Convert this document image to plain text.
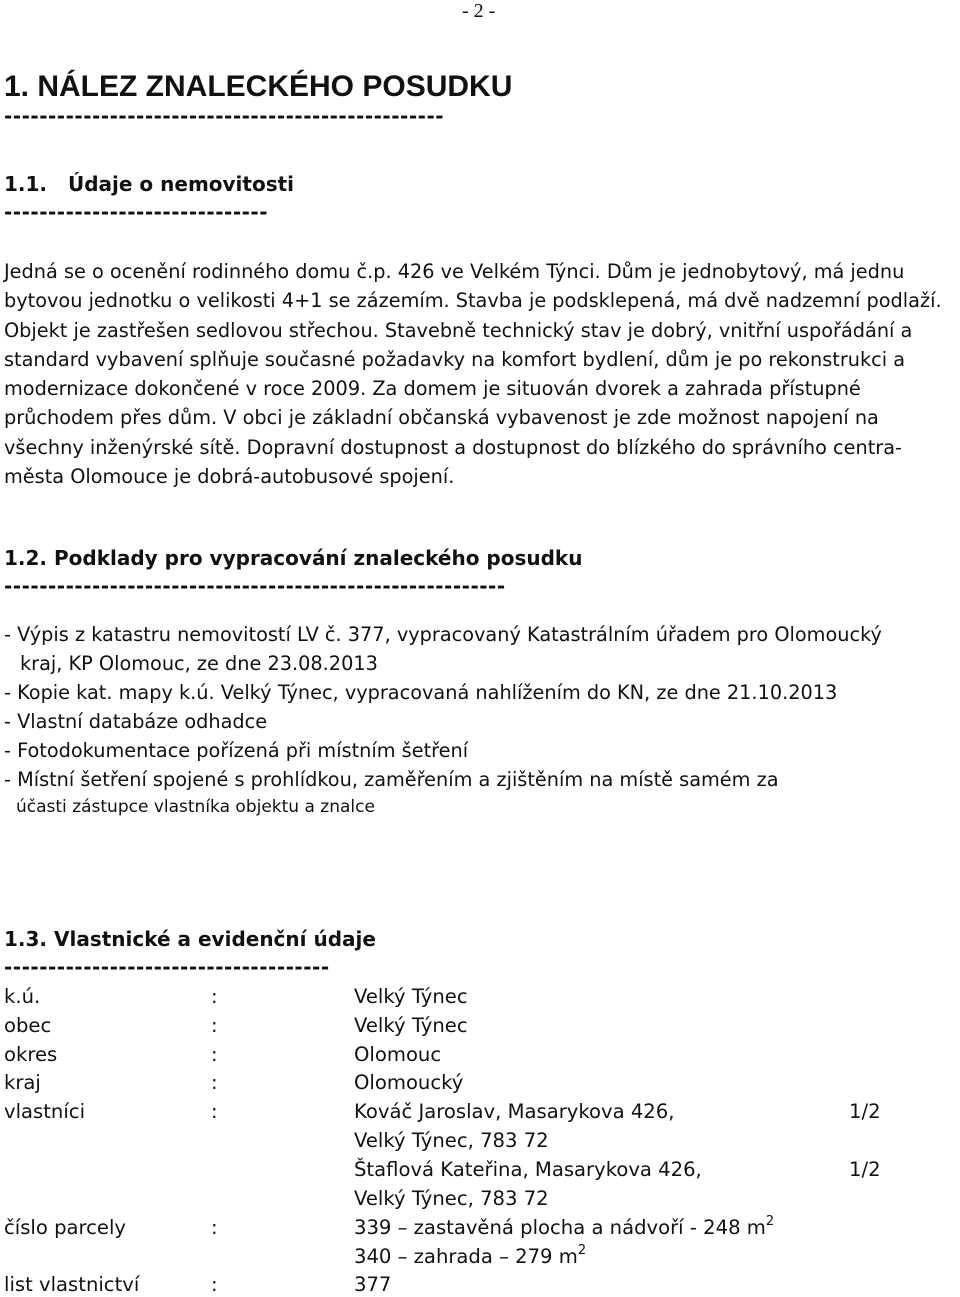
- 2 -
1. NÁLEZ ZNALECKÉHO POSUDKU
--------------------------------------------------
1.1. Údaje o nemovitosti
------------------------------

Jedná se o ocenění rodinného domu č.p. 426 ve Velkém Týnci. Dům je jednobytový, má jednu bytovou jednotku o velikosti 4+1 se zázemím. Stavba je podsklepená, má dvě nadzemní podlaží. Objekt je zastřešen sedlovou střechou. Stavebně technický stav je dobrý, vnitřní uspořádání a standard vybavení splňuje současné požadavky na komfort bydlení, dům je po rekonstrukci a modernizace dokončené v roce 2009. Za domem je situován dvorek a zahrada přístupné průchodem přes dům. V obci je základní občanská vybavenost je zde možnost napojení na všechny inženýrské sítě. Dopravní dostupnost a dostupnost do blízkého do správního centra-města Olomouce je dobrá-autobusové spojení.

1.2. Podklady pro vypracování znaleckého posudku
---------------------------------------------------------
- Výpis z katastru nemovitostí LV č. 377, vypracovaný Katastrálním úřadem pro Olomoucký
kraj, KP Olomouc, ze dne 23.08.2013
- Kopie kat. mapy k.ú. Velký Týnec, vypracovaná nahlížením do KN, ze dne 21.10.2013
- Vlastní databáze odhadce
- Fotodokumentace pořízená při místním šetření
- Místní šetření spojené s prohlídkou, zaměřením a zjištěním na místě samém za
účasti zástupce vlastníka objektu a znalce
1.3. Vlastnické a evidenční údaje
-------------------------------------
k.ú.	:	Velký Týnec
obec	:	Velký Týnec
okres	:	Olomouc
kraj	:	Olomoucký
vlastníci	:	Kováč Jaroslav, Masarykova 426,	1/2
Velký Týnec, 783 72
Štaflová Kateřina, Masarykova 426,	1/2
Velký Týnec, 783 72
číslo parcely	:	339 – zastavěná plocha a nádvoří - 248 $m^2$
340 – zahrada – 279 $m^2$
list vlastnictví	:	377
